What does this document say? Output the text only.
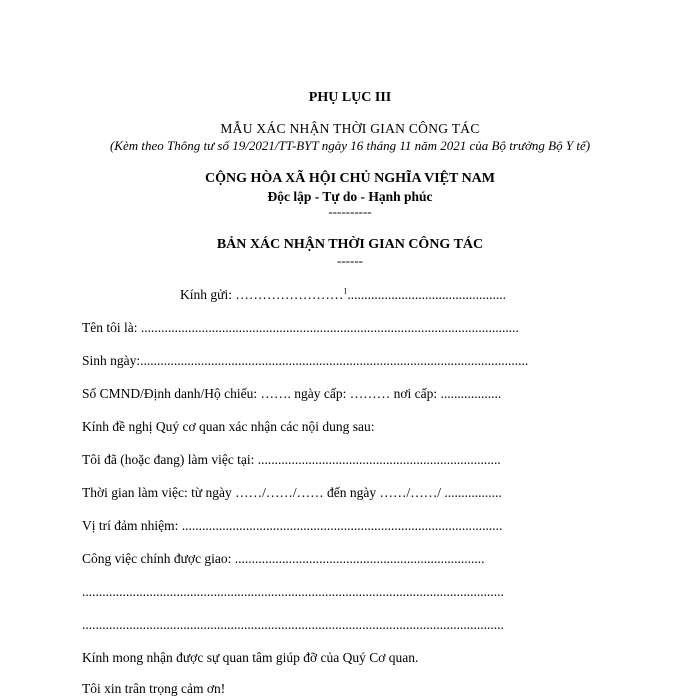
PHỤ LỤC III
MẪU XÁC NHẬN THỜI GIAN CÔNG TÁC
(Kèm theo Thông tư số 19/2021/TT-BYT ngày 16 tháng 11 năm 2021 của Bộ trưởng Bộ Y tế)
CỘNG HÒA XÃ HỘI CHỦ NGHĨA VIỆT NAM
Độc lập - Tự do - Hạnh phúc
----------
BẢN XÁC NHẬN THỜI GIAN CÔNG TÁC
------
Kính gửi: ……………………$^1$...............................................
Tên tôi là: ................................................................................................................
Sinh ngày:...................................................................................................................
Số CMND/Định danh/Hộ chiếu: ……. ngày cấp: ……… nơi cấp: ..................
Kính đề nghị Quý cơ quan xác nhận các nội dung sau:
Tôi đã (hoặc đang) làm việc tại: ........................................................................
Thời gian làm việc: từ ngày ……/……/…… đến ngày ……/……/ .................
Vị trí đảm nhiệm: ...............................................................................................
Công việc chính được giao: ..........................................................................
.............................................................................................................................
.............................................................................................................................
Kính mong nhận được sự quan tâm giúp đỡ của Quý Cơ quan.
Tôi xin trân trọng cảm ơn!
